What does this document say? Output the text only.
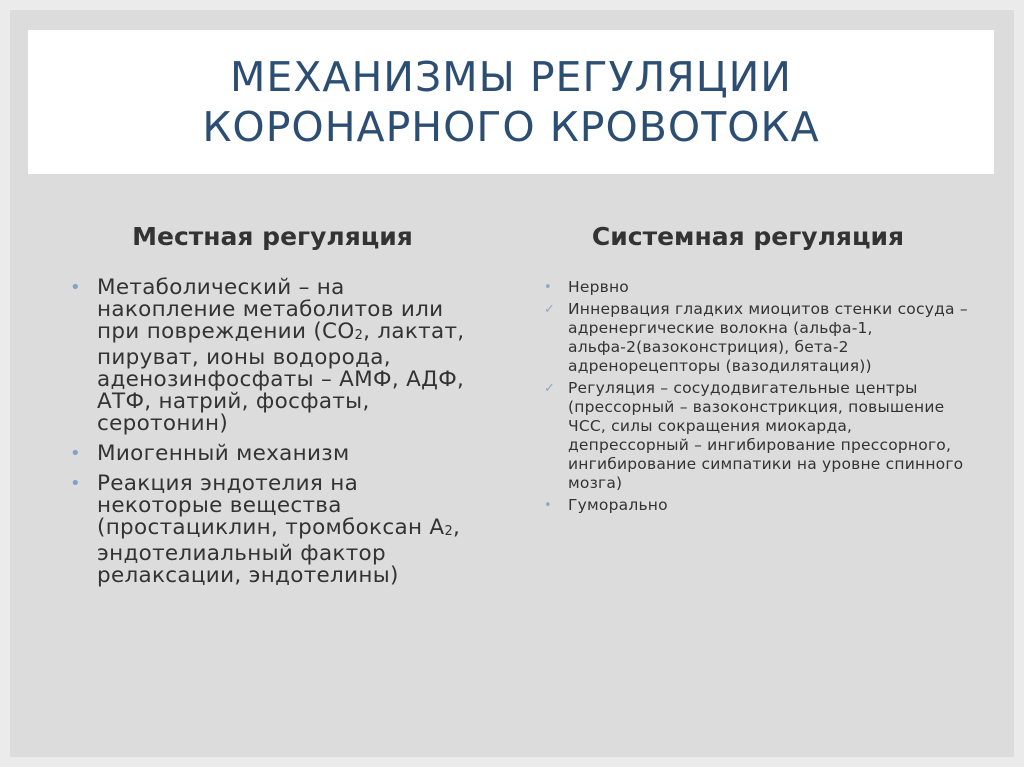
МЕХАНИЗМЫ РЕГУЛЯЦИИ
КОРОНАРНОГО КРОВОТОКА
Местная регуляция	Системная регуляция
• Метаболический – на накопление метаболитов или при повреждении ($CO_2$, лактат, пируват, ионы водорода, аденозинфосфаты – АМФ, АДФ, АТФ, натрий, фосфаты, серотонин)
• Миогенный механизм
• Реакция эндотелия на некоторые вещества (простациклин, тромбоксан $А_2$, эндотелиальный фактор релаксации, эндотелины)
• Нервно
✓ Иннервация гладких миоцитов стенки сосуда – адренергические волокна (альфа-1, альфа-2(вазоконстриция), бета-2 адренорецепторы (вазодилятация))
✓ Регуляция – сосудодвигательные центры (прессорный – вазоконстрикция, повышение ЧСС, силы сокращения миокарда, депрессорный – ингибирование прессорного, ингибирование симпатики на уровне спинного мозга)
• Гуморально
